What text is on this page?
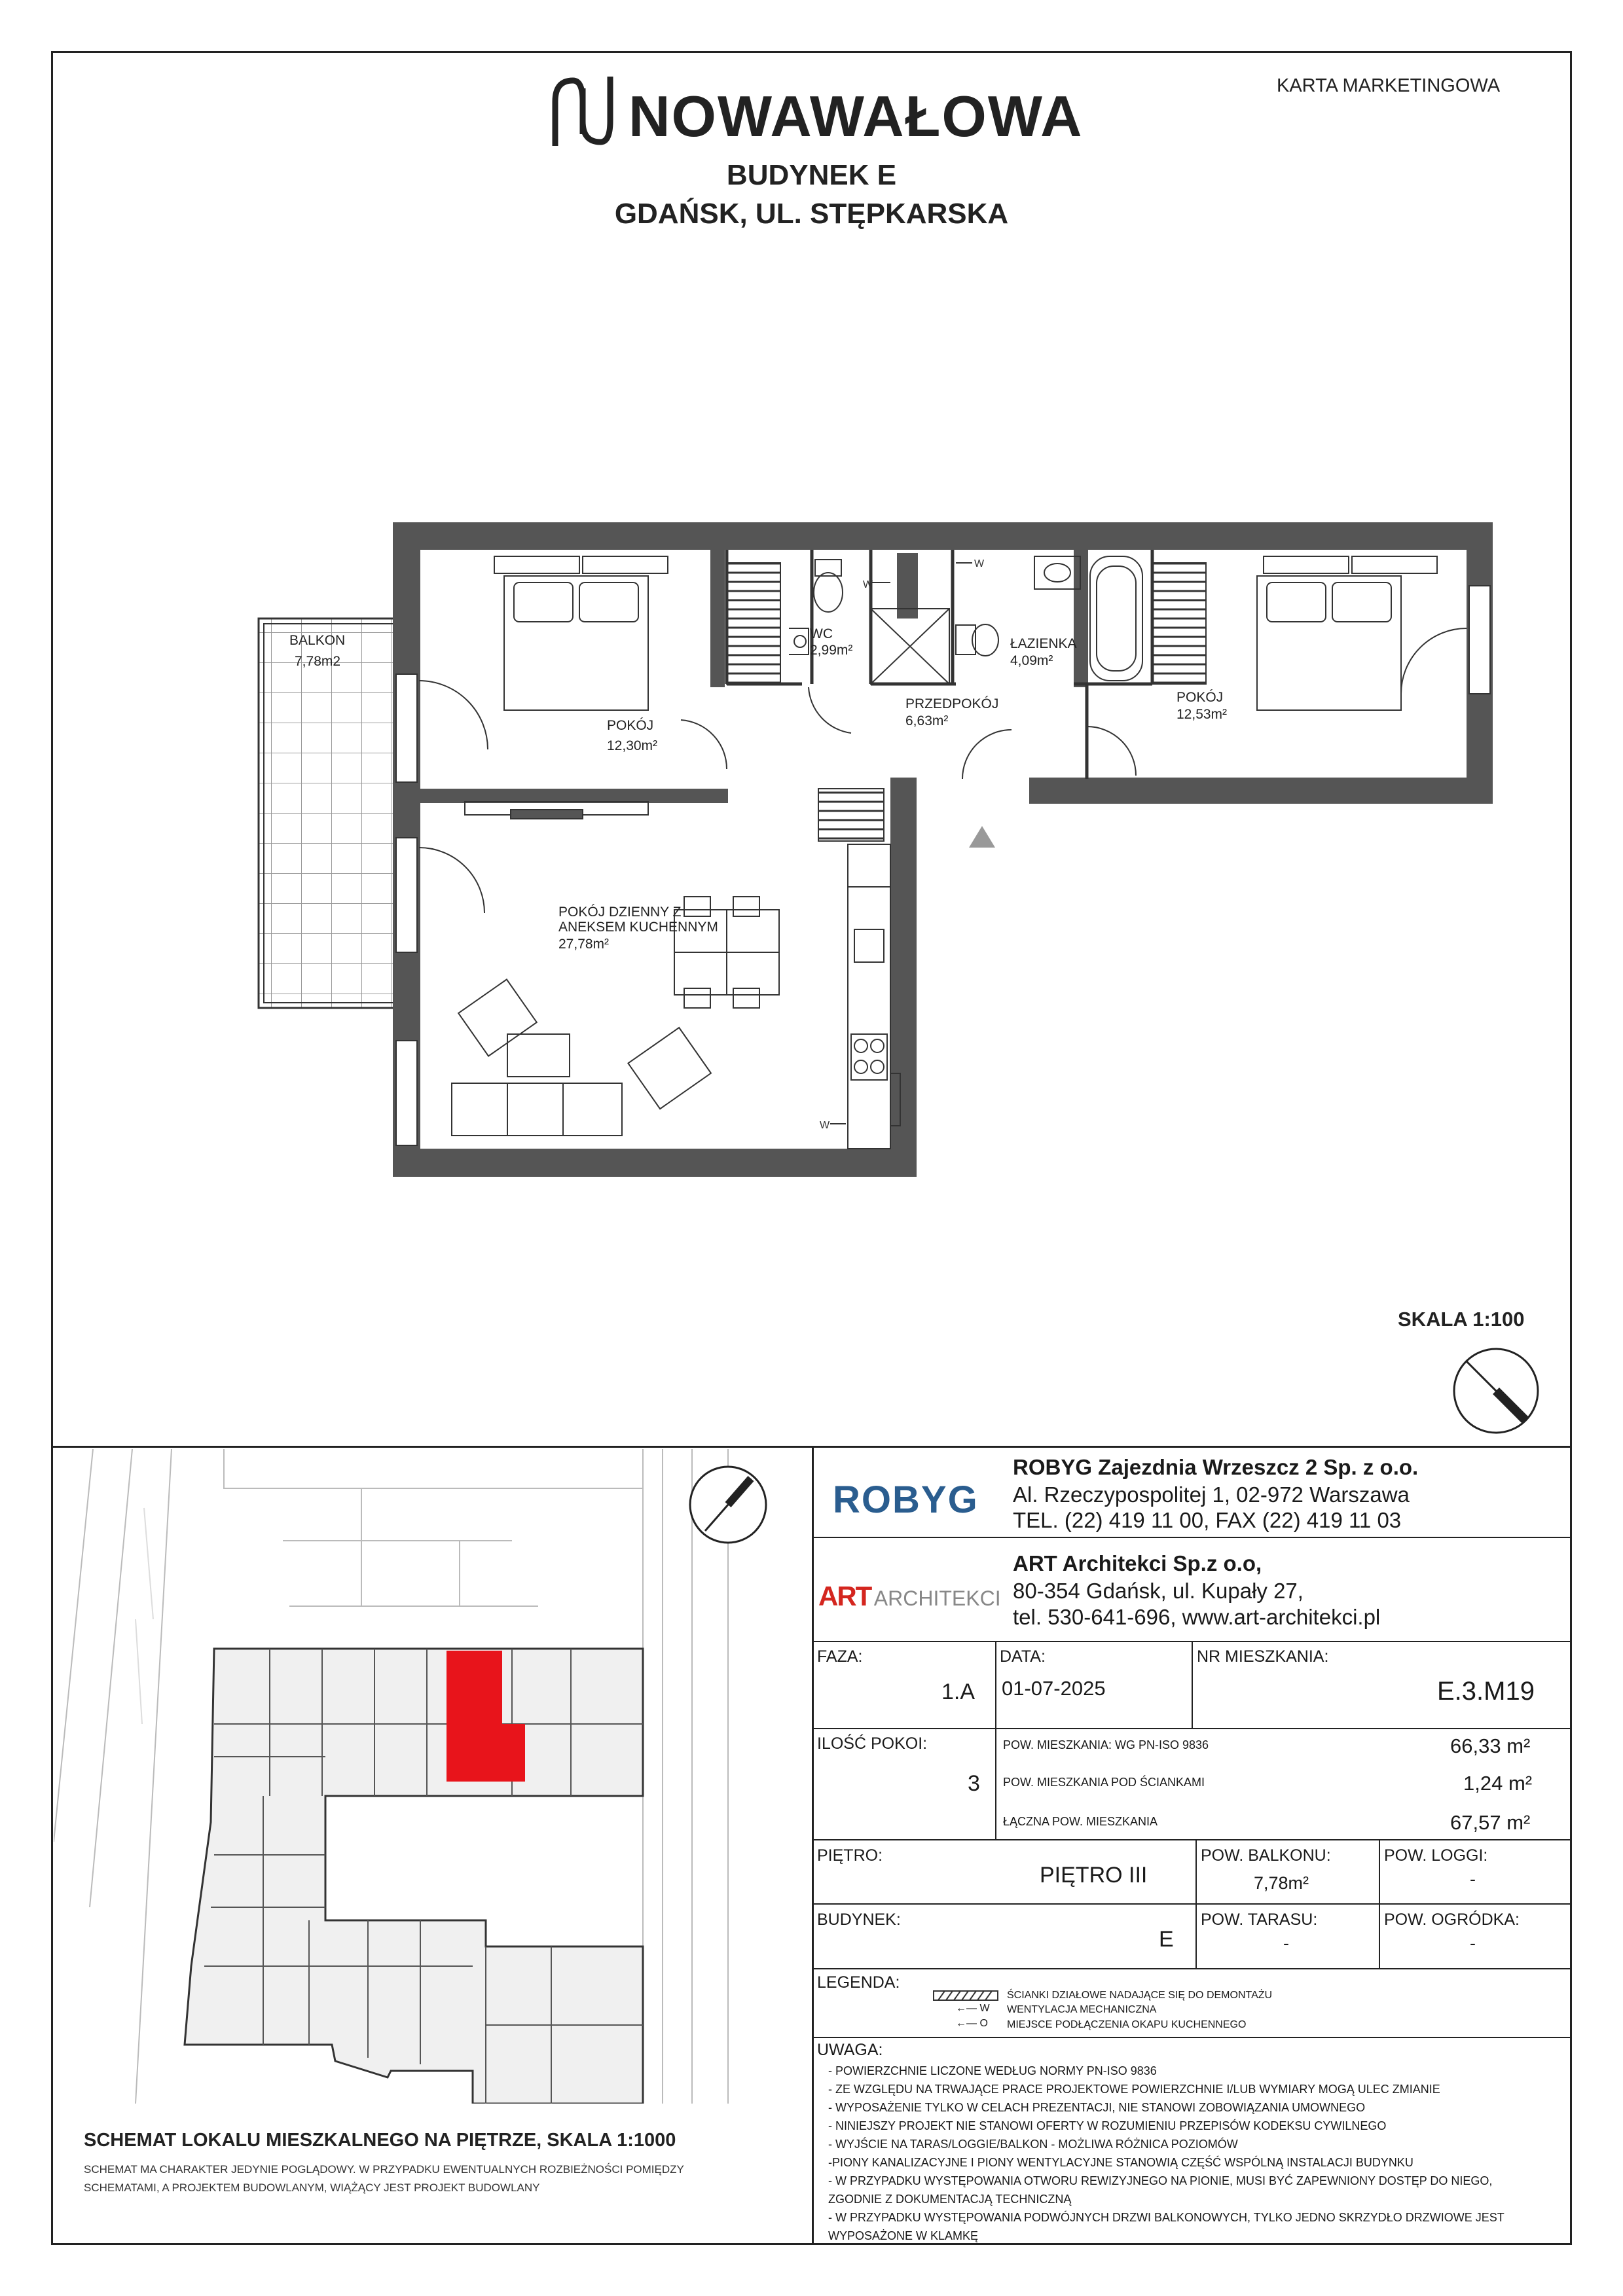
NOWAWAŁOWA	KARTA MARKETINGOWA
BUDYNEK E
GDAŃSK, UL. STĘPKARSKA
W
W
W
BALKON
7,78m2
POKÓJ
12,30m²
WC
2,99m²
PRZEDPOKÓJ
6,63m²
ŁAZIENKA
4,09m²
POKÓJ
12,53m²
POKÓJ DZIENNY Z
ANEKSEM KUCHENNYM
27,78m²
SKALA 1:100
SCHEMAT LOKALU MIESZKALNEGO NA PIĘTRZE, SKALA 1:1000
SCHEMAT MA CHARAKTER JEDYNIE POGLĄDOWY. W PRZYPADKU EWENTUALNYCH ROZBIEŻNOŚCI POMIĘDZY
SCHEMATAMI, A PROJEKTEM BUDOWLANYM, WIĄŻĄCY JEST PROJEKT BUDOWLANY
ROBYG
ROBYG Zajezdnia Wrzeszcz 2 Sp. z o.o.
Al. Rzeczypospolitej 1, 02-972 Warszawa
TEL. (22) 419 11 00, FAX (22) 419 11 03
ART ARCHITEKCI
ART Architekci Sp.z o.o,
80-354 Gdańsk, ul. Kupały 27,
tel. 530-641-696, www.art-architekci.pl
FAZA:
1.A
DATA:
01-07-2025
NR MIESZKANIA:
E.3.M19
ILOŚĆ POKOI:
3
POW. MIESZKANIA: WG PN-ISO 9836	66,33 m²
POW. MIESZKANIA POD ŚCIANKAMI	1,24 m²
ŁĄCZNA POW. MIESZKANIA	67,57 m²
PIĘTRO:
PIĘTRO III
POW. BALKONU:
7,78m²
POW. LOGGI:
-
BUDYNEK:
E
POW. TARASU:
-
POW. OGRÓDKA:
-
LEGENDA:
ŚCIANKI DZIAŁOWE NADAJĄCE SIĘ DO DEMONTAŻU
←— W WENTYLACJA MECHANICZNA
←— O MIEJSCE PODŁĄCZENIA OKAPU KUCHENNEGO
UWAGA:
- POWIERZCHNIE LICZONE WEDŁUG NORMY PN-ISO 9836
- ZE WZGLĘDU NA TRWAJĄCE PRACE PROJEKTOWE POWIERZCHNIE I/LUB WYMIARY MOGĄ ULEC ZMIANIE
- WYPOSAŻENIE TYLKO W CELACH PREZENTACJI, NIE STANOWI ZOBOWIĄZANIA UMOWNEGO
- NINIEJSZY PROJEKT NIE STANOWI OFERTY W ROZUMIENIU PRZEPISÓW KODEKSU CYWILNEGO
- WYJŚCIE NA TARAS/LOGGIE/BALKON - MOŻLIWA RÓŻNICA POZIOMÓW
-PIONY KANALIZACYJNE I PIONY WENTYLACYJNE STANOWIĄ CZĘŚĆ WSPÓLNĄ INSTALACJI BUDYNKU
- W PRZYPADKU WYSTĘPOWANIA OTWORU REWIZYJNEGO NA PIONIE, MUSI BYĆ ZAPEWNIONY DOSTĘP DO NIEGO,
ZGODNIE Z DOKUMENTACJĄ TECHNICZNĄ
- W PRZYPADKU WYSTĘPOWANIA PODWÓJNYCH DRZWI BALKONOWYCH, TYLKO JEDNO SKRZYDŁO DRZWIOWE JEST
WYPOSAŻONE W KLAMKĘ
